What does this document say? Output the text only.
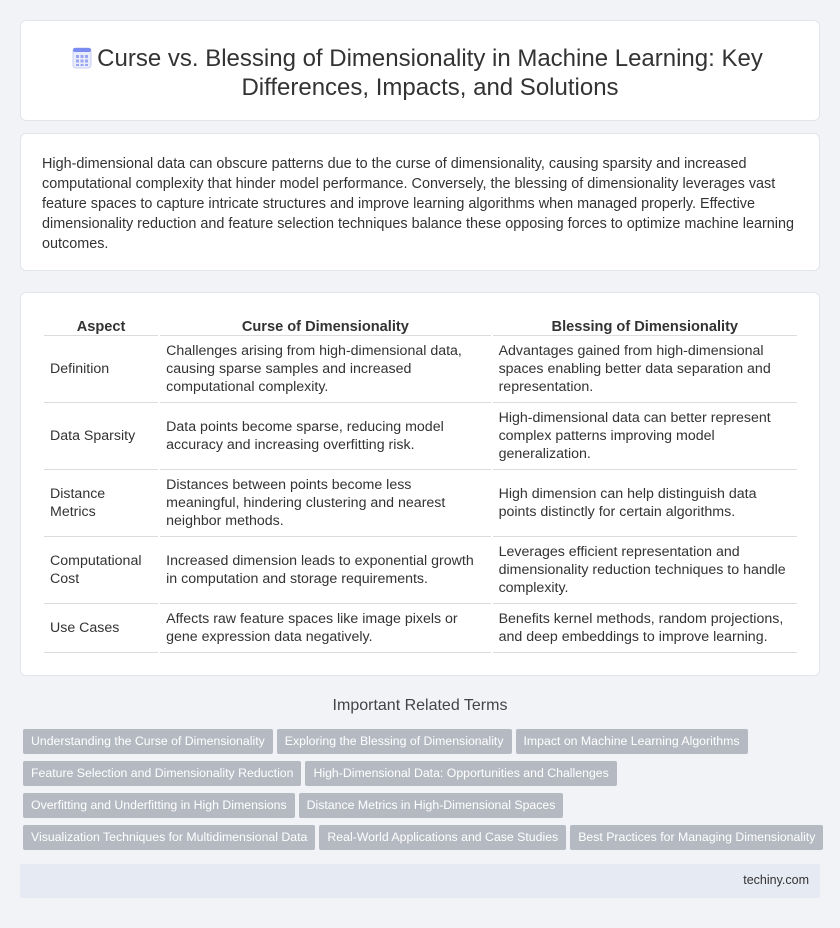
Curse vs. Blessing of Dimensionality in Machine Learning: Key Differences, Impacts, and Solutions

High-dimensional data can obscure patterns due to the curse of dimensionality, causing sparsity and increased computational complexity that hinder model performance. Conversely, the blessing of dimensionality leverages vast feature spaces to capture intricate structures and improve learning algorithms when managed properly. Effective dimensionality reduction and feature selection techniques balance these opposing forces to optimize machine learning outcomes.

Aspect	Curse of Dimensionality	Blessing of Dimensionality
Definition	Challenges arising from high-dimensional data, causing sparse samples and increased computational complexity.	Advantages gained from high-dimensional spaces enabling better data separation and representation.
Data Sparsity	Data points become sparse, reducing model accuracy and increasing overfitting risk.	High-dimensional data can better represent complex patterns improving model generalization.
Distance Metrics	Distances between points become less meaningful, hindering clustering and nearest neighbor methods.	High dimension can help distinguish data points distinctly for certain algorithms.
Computational Cost	Increased dimension leads to exponential growth in computation and storage requirements.	Leverages efficient representation and dimensionality reduction techniques to handle complexity.
Use Cases	Affects raw feature spaces like image pixels or gene expression data negatively.	Benefits kernel methods, random projections, and deep embeddings to improve learning.
Important Related Terms
Understanding the Curse of Dimensionality Exploring the Blessing of Dimensionality Impact on Machine Learning Algorithms
Feature Selection and Dimensionality Reduction High-Dimensional Data: Opportunities and Challenges
Overfitting and Underfitting in High Dimensions Distance Metrics in High-Dimensional Spaces
Visualization Techniques for Multidimensional Data Real-World Applications and Case Studies Best Practices for Managing Dimensionality
techiny.com
